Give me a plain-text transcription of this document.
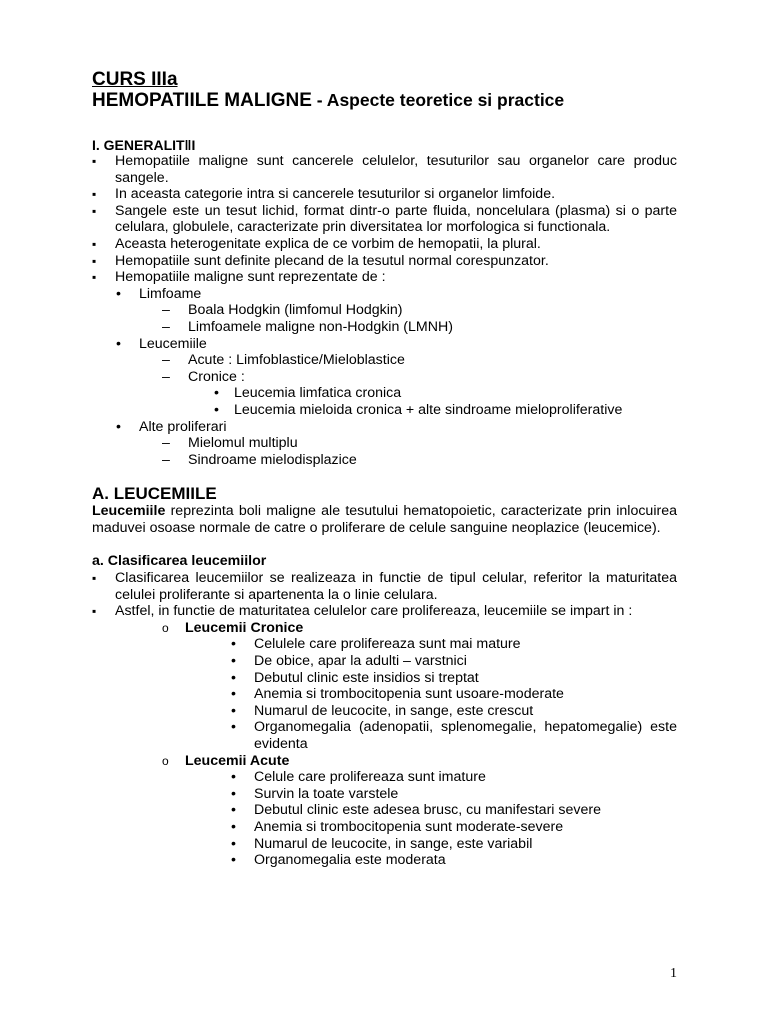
CURS IIIa
HEMOPATIILE MALIGNE - Aspecte teoretice si practice
I. GENERALITǁI
▪ Hemopatiile maligne sunt cancerele celulelor, tesuturilor sau organelor care produc sangele.
▪ In aceasta categorie intra si cancerele tesuturilor si organelor limfoide.
▪ Sangele este un tesut lichid, format dintr-o parte fluida, noncelulara (plasma) si o parte celulara, globulele, caracterizate prin diversitatea lor morfologica si functionala.
▪ Aceasta heterogenitate explica de ce vorbim de hemopatii, la plural.
▪ Hemopatiile sunt definite plecand de la tesutul normal corespunzator.
▪ Hemopatiile maligne sunt reprezentate de :
• Limfoame
– Boala Hodgkin (limfomul Hodgkin)
– Limfoamele maligne non-Hodgkin (LMNH)
• Leucemiile
– Acute : Limfoblastice/Mieloblastice
– Cronice :
• Leucemia limfatica cronica
• Leucemia mieloida cronica + alte sindroame mieloproliferative
• Alte proliferari
– Mielomul multiplu
– Sindroame mielodisplazice
A. LEUCEMIILE
Leucemiile reprezinta boli maligne ale tesutului hematopoietic, caracterizate prin inlocuirea maduvei osoase normale de catre o proliferare de celule sanguine neoplazice (leucemice).
a. Clasificarea leucemiilor
▪ Clasificarea leucemiilor se realizeaza in functie de tipul celular, referitor la maturitatea celulei proliferante si apartenenta la o linie celulara.
▪ Astfel, in functie de maturitatea celulelor care prolifereaza, leucemiile se impart in :
o Leucemii Cronice
• Celulele care prolifereaza sunt mai mature
• De obice, apar la adulti – varstnici
• Debutul clinic este insidios si treptat
• Anemia si trombocitopenia sunt usoare-moderate
• Numarul de leucocite, in sange, este crescut
• Organomegalia (adenopatii, splenomegalie, hepatomegalie) este evidenta
o Leucemii Acute
• Celule care prolifereaza sunt imature
• Survin la toate varstele
• Debutul clinic este adesea brusc, cu manifestari severe
• Anemia si trombocitopenia sunt moderate-severe
• Numarul de leucocite, in sange, este variabil
• Organomegalia este moderata
1
